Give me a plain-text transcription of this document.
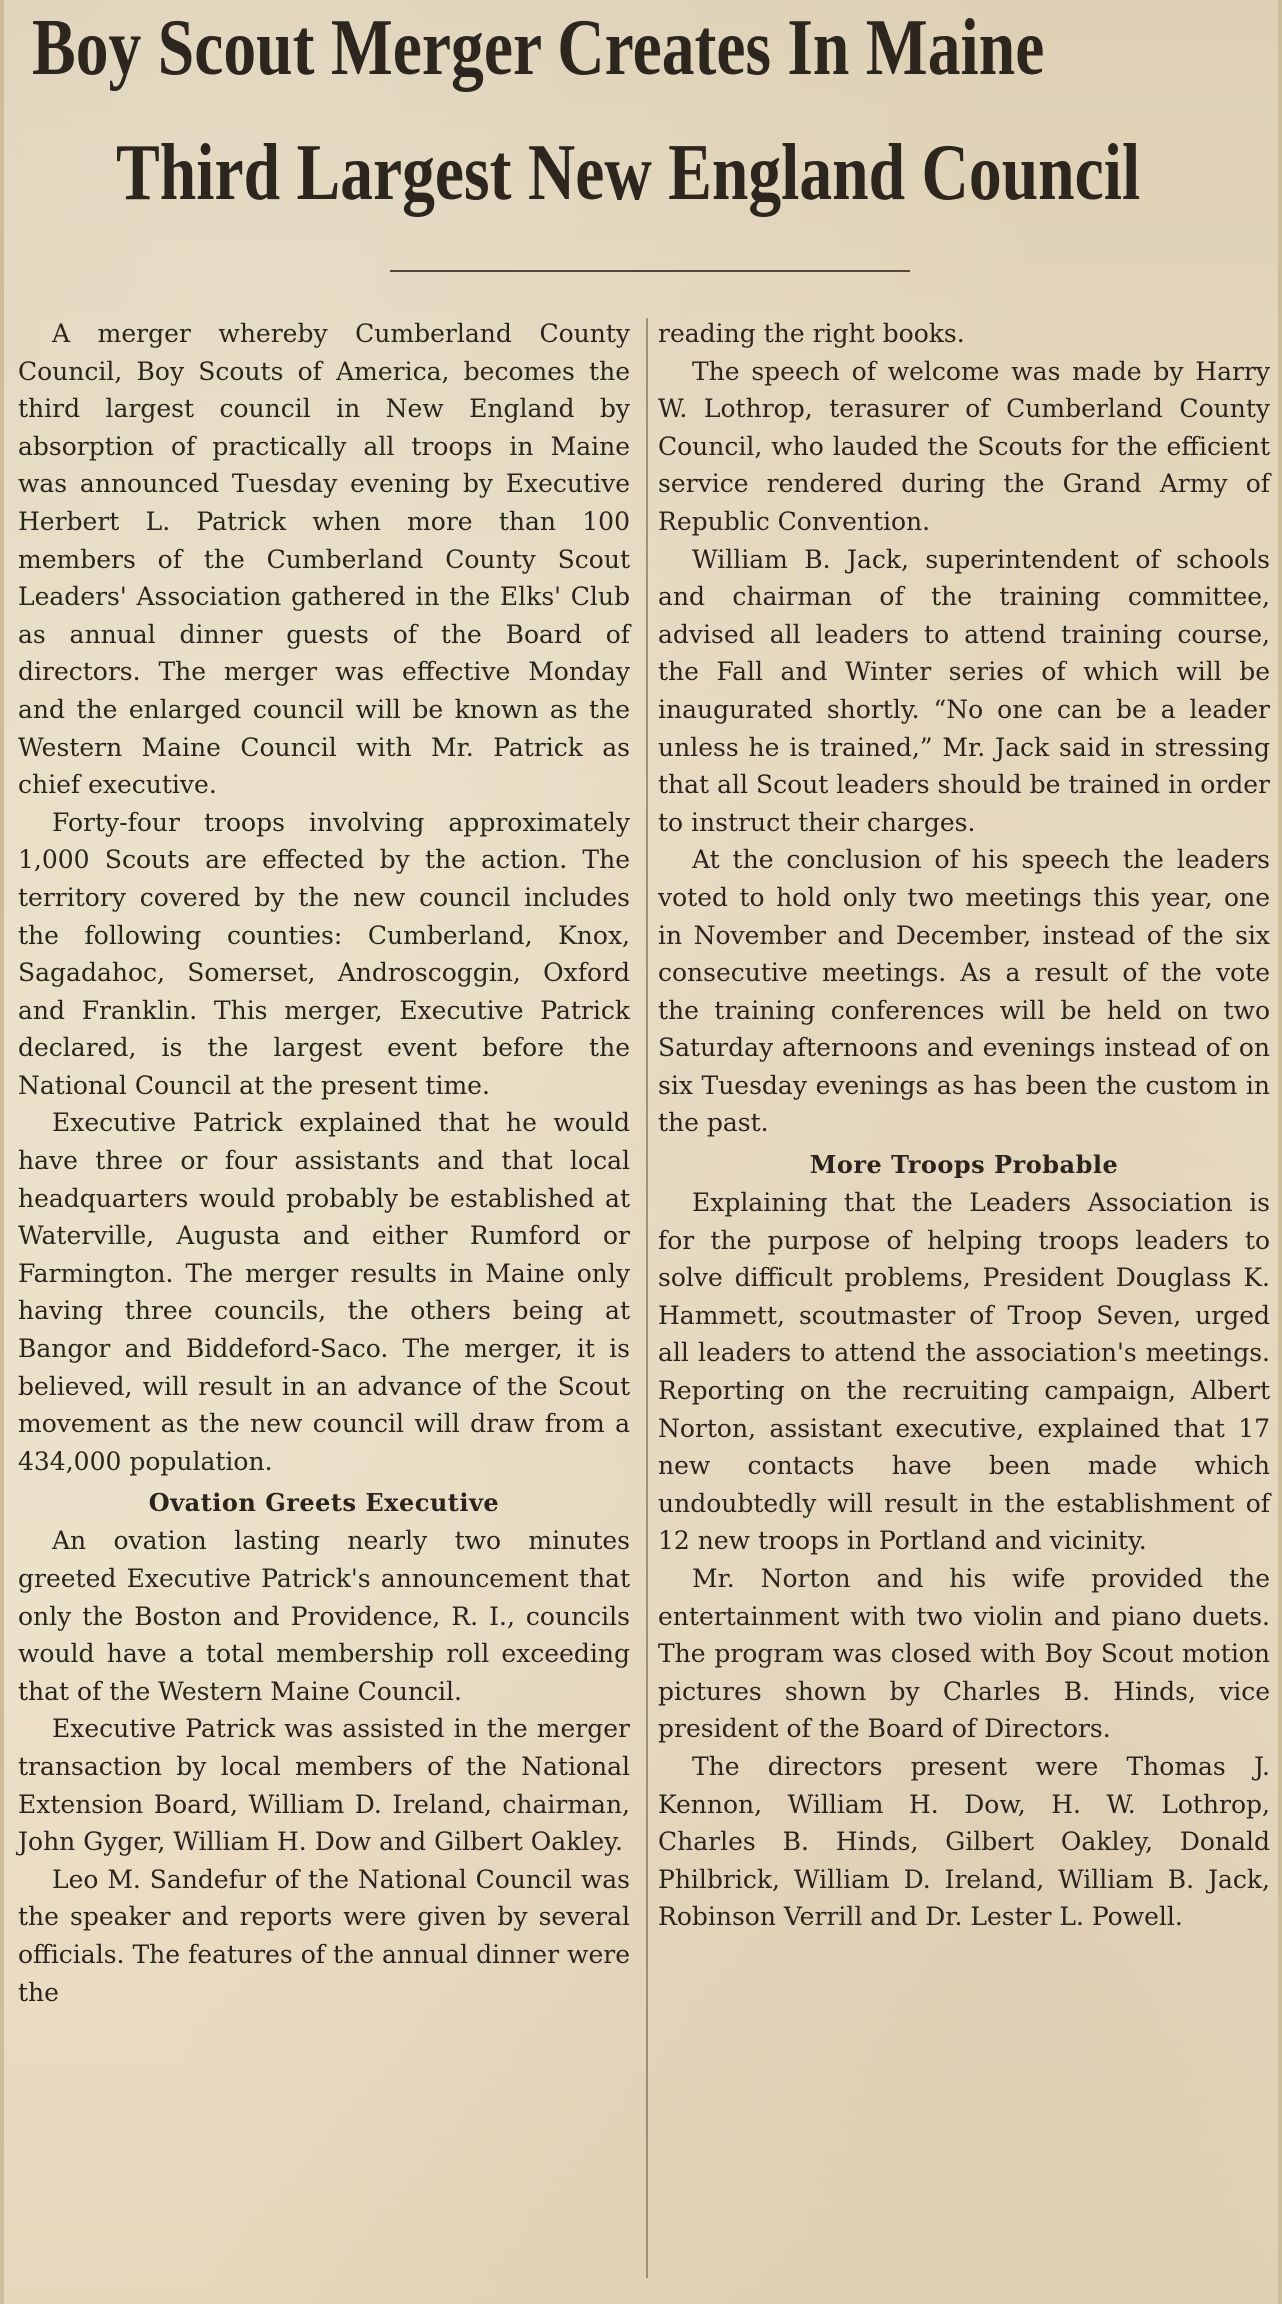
Boy Scout Merger Creates In Maine
Third Largest New England Council

A merger whereby Cumberland County Council, Boy Scouts of America, becomes the third largest council in New England by absorption of practically all troops in Maine was announced Tuesday evening by Executive Herbert L. Patrick when more than 100 members of the Cumberland County Scout Leaders' Association gathered in the Elks' Club as annual dinner guests of the Board of directors. The merger was effective Monday and the enlarged council will be known as the Western Maine Council with Mr. Patrick as chief executive.

Forty-four troops involving approximately 1,000 Scouts are effected by the action. The territory covered by the new council includes the following counties: Cumberland, Knox, Sagadahoc, Somerset, Androscoggin, Oxford and Franklin. This merger, Executive Patrick declared, is the largest event before the National Council at the present time.

Executive Patrick explained that he would have three or four assistants and that local headquarters would probably be established at Waterville, Augusta and either Rumford or Farmington. The merger results in Maine only having three councils, the others being at Bangor and Biddeford-Saco. The merger, it is believed, will result in an advance of the Scout movement as the new council will draw from a 434,000 population.

Ovation Greets Executive

An ovation lasting nearly two minutes greeted Executive Patrick's announcement that only the Boston and Providence, R. I., councils would have a total membership roll exceeding that of the Western Maine Council.

Executive Patrick was assisted in the merger transaction by local members of the National Extension Board, William D. Ireland, chairman, John Gyger, William H. Dow and Gilbert Oakley.

Leo M. Sandefur of the National Council was the speaker and reports were given by several officials. The features of the annual dinner were the

reading the right books.

The speech of welcome was made by Harry W. Lothrop, terasurer of Cumberland County Council, who lauded the Scouts for the efficient service rendered during the Grand Army of Republic Convention.

William B. Jack, superintendent of schools and chairman of the training committee, advised all leaders to attend training course, the Fall and Winter series of which will be inaugurated shortly. “No one can be a leader unless he is trained,” Mr. Jack said in stressing that all Scout leaders should be trained in order to instruct their charges.

At the conclusion of his speech the leaders voted to hold only two meetings this year, one in November and December, instead of the six consecutive meetings. As a result of the vote the training conferences will be held on two Saturday afternoons and evenings instead of on six Tuesday evenings as has been the custom in the past.

More Troops Probable

Explaining that the Leaders Association is for the purpose of helping troops leaders to solve difficult problems, President Douglass K. Hammett, scoutmaster of Troop Seven, urged all leaders to attend the association's meetings. Reporting on the recruiting campaign, Albert Norton, assistant executive, explained that 17 new contacts have been made which undoubtedly will result in the establishment of 12 new troops in Portland and vicinity.

Mr. Norton and his wife provided the entertainment with two violin and piano duets. The program was closed with Boy Scout motion pictures shown by Charles B. Hinds, vice president of the Board of Directors.

The directors present were Thomas J. Kennon, William H. Dow, H. W. Lothrop, Charles B. Hinds, Gilbert Oakley, Donald Philbrick, William D. Ireland, William B. Jack, Robinson Verrill and Dr. Lester L. Powell.
